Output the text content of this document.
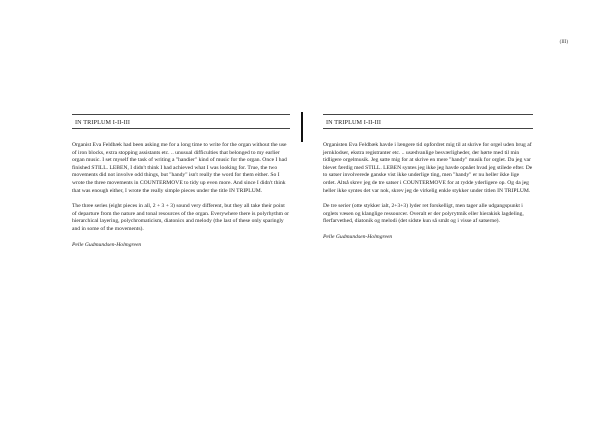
(III)
IN TRIPLUM I-II-III

Organist Eva Feldbæk had been asking me for a long time to write for the organ without the use of iron blocks, extra stopping assistants etc. .. unusual difficulties that belonged to my earlier organ music. I set myself the task of writing a "handier" kind of music for the organ. Once I had finished STILL. LEBEN, I didn't think I had achieved what I was looking for. True, the two movements did not involve odd things, but "handy" isn't really the word for them either. So I wrote the three movements in COUNTERMOVE to tidy up even more. And since I didn't think that was enough either, I wrote the really simple pieces under the title IN TRIPLUM.

The three series (eight pieces in all, 2 + 3 + 3) sound very different, but they all take their point of departure from the nature and tonal resources of the organ. Everywhere there is polyrhythm or hierarchical layering, polychromaticism, diatonics and melody (the last of these only sparingly and in some of the movements).

Pelle Gudmundsen-Holmgreen

IN TRIPLUM I-II-III

Organisten Eva Feldbæk havde i længere tid opfordret mig til at skrive for orgel uden brug af jernklodser, ekstra registranter etc. .. usædvanlige besværligheder, der hørte med til min tidligere orgelmusik. Jeg satte mig for at skrive en mere "handy" musik for orglet. Da jeg var blevet færdig med STILL. LEBEN syntes jeg ikke jeg havde opnået hvad jeg stilede efter. De to satser involverede ganske vist ikke underlige ting, men "handy" er nu heller ikke lige ordet. Altså skrev jeg de tre satser i COUNTERMOVE for at rydde yderligere op. Og da jeg heller ikke syntes det var nok, skrev jeg de virkelig enkle stykker under titlen IN TRIPLUM.

De tre serier (otte stykker ialt, 2+3+3) lyder ret forskelligt, men tager alle udgangspunkt i orglets væsen og klanglige ressourcer. Overalt er der polyrytmik eller hierakisk lagdeling, flerfarvethed, diatonik og melodi (det sidste kun så småt og i visse af satserne).

Pelle Gudmundsen-Holmgreen
